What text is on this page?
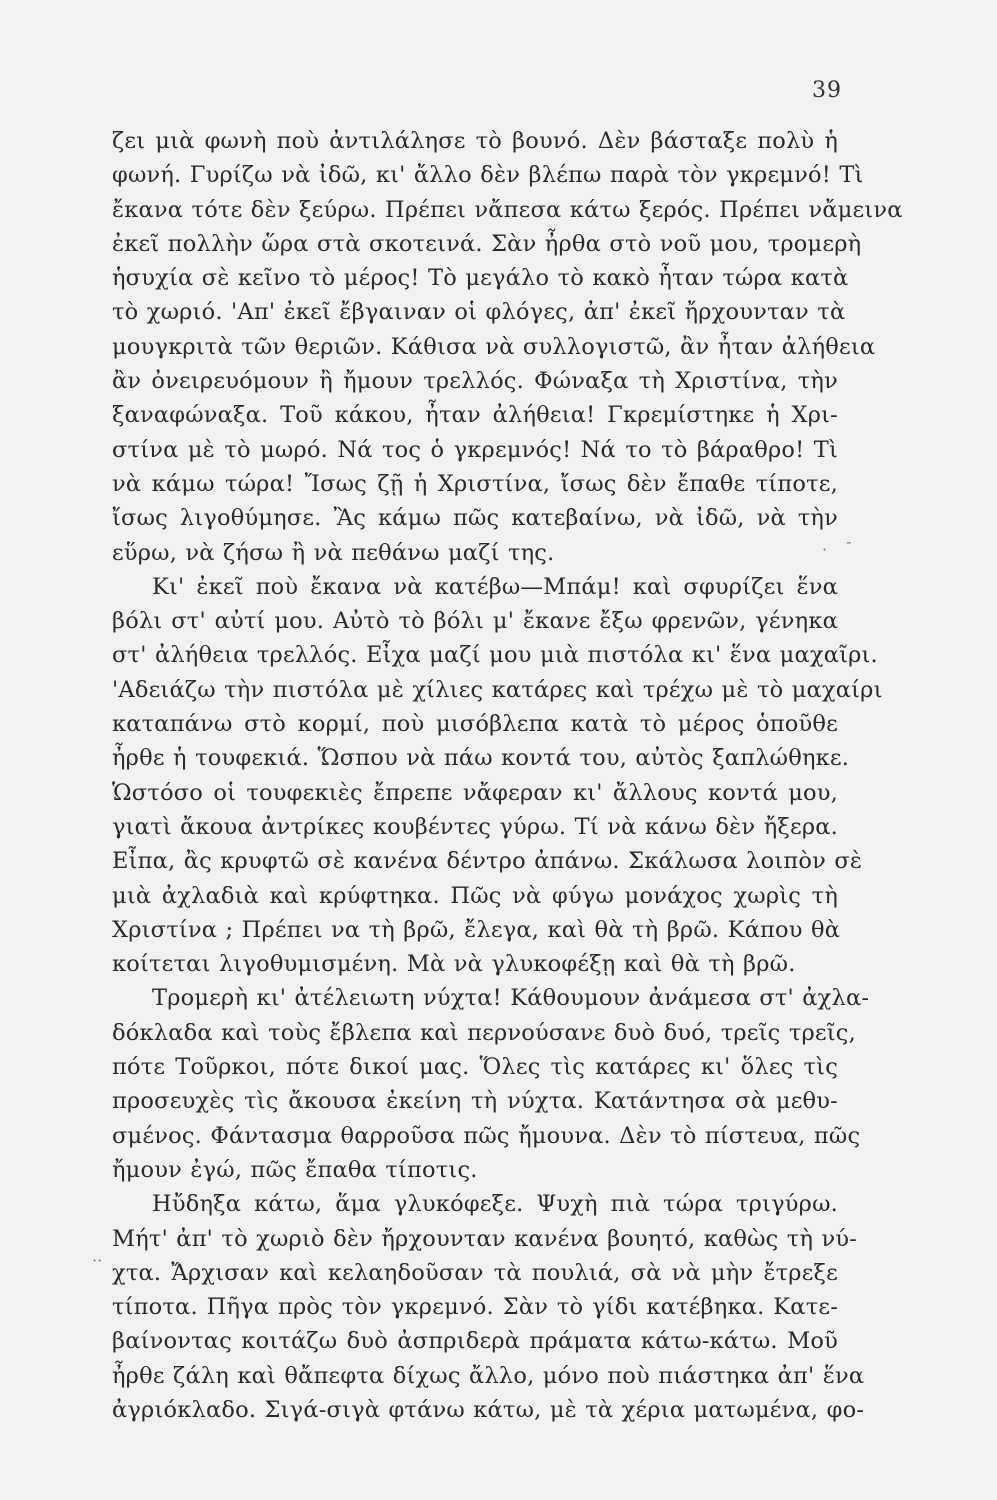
39
ζει μιὰ φωνὴ ποὺ ἀντιλάλησε τὸ βουνό. Δὲν βάσταξε πολὺ ἡ
φωνή. Γυρίζω νὰ ἰδῶ, κι' ἄλλο δὲν βλέπω παρὰ τὸν γκρεμνό! Τὶ
ἔκανα τότε δὲν ξεύρω. Πρέπει νἄπεσα κάτω ξερός. Πρέπει νἄμεινα
ἐκεῖ πολλὴν ὥρα στὰ σκοτεινά. Σὰν ἦρθα στὸ νοῦ μου, τρομερὴ
ἡσυχία σὲ κεῖνο τὸ μέρος! Τὸ μεγάλο τὸ κακὸ ἦταν τώρα κατὰ
τὸ χωριό. 'Απ' ἐκεῖ ἔβγαιναν οἱ φλόγες, ἀπ' ἐκεῖ ἤρχουνταν τὰ
μουγκριτὰ τῶν θεριῶν. Κάθισα νὰ συλλογιστῶ, ἂν ἦταν ἀλήθεια
ἂν ὀνειρευόμουν ἢ ἤμουν τρελλός. Φώναξα τὴ Χριστίνα, τὴν
ξαναφώναξα. Τοῦ κάκου, ἦταν ἀλήθεια! Γκρεμίστηκε ἡ Χρι-
στίνα μὲ τὸ μωρό. Νά τος ὁ γκρεμνός! Νά το τὸ βάραθρο! Τὶ
νὰ κάμω τώρα! Ἴσως ζῇ ἡ Χριστίνα, ἴσως δὲν ἔπαθε τίποτε,
ἴσως λιγοθύμησε. Ἂς κάμω πῶς κατεβαίνω, νὰ ἰδῶ, νὰ τὴν
εὕρω, νὰ ζήσω ἢ νὰ πεθάνω μαζί της.
Κι' ἐκεῖ ποὺ ἔκανα νὰ κατέβω—Μπάμ! καὶ σφυρίζει ἕνα
βόλι στ' αὐτί μου. Αὐτὸ τὸ βόλι μ' ἔκανε ἔξω φρενῶν, γένηκα
στ' ἀλήθεια τρελλός. Εἶχα μαζί μου μιὰ πιστόλα κι' ἕνα μαχαῖρι.
'Αδειάζω τὴν πιστόλα μὲ χίλιες κατάρες καὶ τρέχω μὲ τὸ μαχαίρι
καταπάνω στὸ κορμί, ποὺ μισόβλεπα κατὰ τὸ μέρος ὁποῦθε
ἦρθε ἡ τουφεκιά. Ὥσπου νὰ πάω κοντά του, αὐτὸς ξαπλώθηκε.
Ὡστόσο οἱ τουφεκιὲς ἔπρεπε νἄφεραν κι' ἄλλους κοντά μου,
γιατὶ ἄκουα ἀντρίκες κουβέντες γύρω. Τί νὰ κάνω δὲν ἤξερα.
Εἶπα, ἂς κρυφτῶ σὲ κανένα δέντρο ἀπάνω. Σκάλωσα λοιπὸν σὲ
μιὰ ἀχλαδιὰ καὶ κρύφτηκα. Πῶς νὰ φύγω μονάχος χωρὶς τὴ
Χριστίνα ; Πρέπει να τὴ βρῶ, ἔλεγα, καὶ θὰ τὴ βρῶ. Κάπου θὰ
κοίτεται λιγοθυμισμένη. Μὰ νὰ γλυκοφέξῃ καὶ θὰ τὴ βρῶ.
Τρομερὴ κι' ἀτέλειωτη νύχτα! Κάθουμουν ἀνάμεσα στ' ἀχλα-
δόκλαδα καὶ τοὺς ἔβλεπα καὶ περνούσανε δυὸ δυό, τρεῖς τρεῖς,
πότε Τοῦρκοι, πότε δικοί μας. Ὅλες τὶς κατάρες κι' ὅλες τὶς
προσευχὲς τὶς ἄκουσα ἐκείνη τὴ νύχτα. Κατάντησα σὰ μεθυ-
σμένος. Φάντασμα θαρροῦσα πῶς ἤμουνα. Δὲν τὸ πίστευα, πῶς
ἤμουν ἐγώ, πῶς ἔπαθα τίποτις.
Ηὔδηξα κάτω, ἅμα γλυκόφεξε. Ψυχὴ πιὰ τώρα τριγύρω.
Μήτ' ἀπ' τὸ χωριὸ δὲν ἤρχουνταν κανένα βουητό, καθὼς τὴ νύ-
χτα. Ἄρχισαν καὶ κελαηδοῦσαν τὰ πουλιά, σὰ νὰ μὴν ἔτρεξε
τίποτα. Πῆγα πρὸς τὸν γκρεμνό. Σὰν τὸ γίδι κατέβηκα. Κατε-
βαίνοντας κοιτάζω δυὸ ἀσπριδερὰ πράματα κάτω-κάτω. Μοῦ
ἦρθε ζάλη καὶ θἄπεφτα δίχως ἄλλο, μόνο ποὺ πιάστηκα ἀπ' ἕνα
ἀγριόκλαδο. Σιγά-σιγὰ φτάνω κάτω, μὲ τὰ χέρια ματωμένα, φο-
· -
··
